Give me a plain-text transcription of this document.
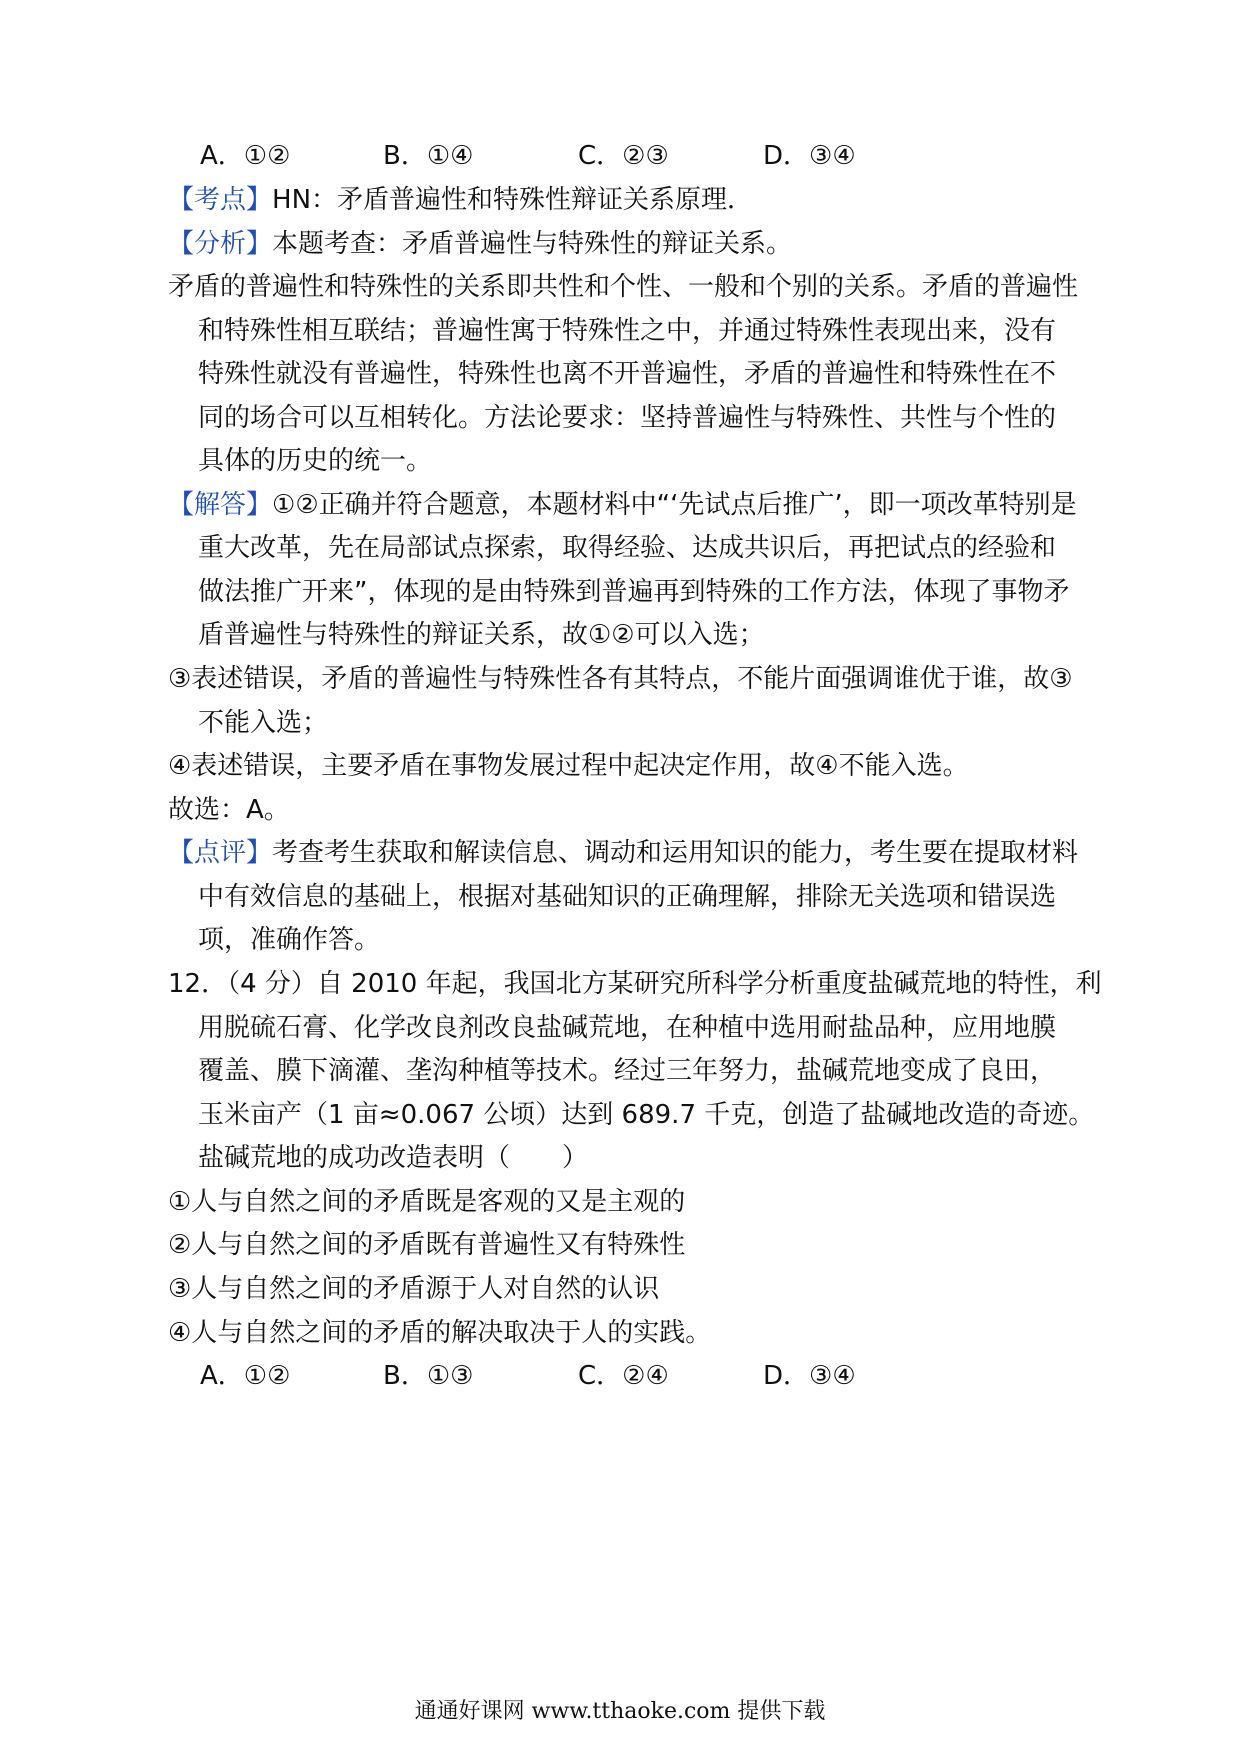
A．①②	B．①④	C．②③	D．③④
【考点】HN：矛盾普遍性和特殊性辩证关系原理．
【分析】本题考查：矛盾普遍性与特殊性的辩证关系。
矛盾的普遍性和特殊性的关系即共性和个性、一般和个别的关系。矛盾的普遍性
和特殊性相互联结；普遍性寓于特殊性之中，并通过特殊性表现出来，没有
特殊性就没有普遍性，特殊性也离不开普遍性，矛盾的普遍性和特殊性在不
同的场合可以互相转化。方法论要求：坚持普遍性与特殊性、共性与个性的
具体的历史的统一。
【解答】①②正确并符合题意，本题材料中“‘先试点后推广’，即一项改革特别是
重大改革，先在局部试点探索，取得经验、达成共识后，再把试点的经验和
做法推广开来”，体现的是由特殊到普遍再到特殊的工作方法，体现了事物矛
盾普遍性与特殊性的辩证关系，故①②可以入选；
③表述错误，矛盾的普遍性与特殊性各有其特点，不能片面强调谁优于谁，故③
不能入选；
④表述错误，主要矛盾在事物发展过程中起决定作用，故④不能入选。
故选：A。
【点评】考查考生获取和解读信息、调动和运用知识的能力，考生要在提取材料
中有效信息的基础上，根据对基础知识的正确理解，排除无关选项和错误选
项，准确作答。
12．（4 分）自 2010 年起，我国北方某研究所科学分析重度盐碱荒地的特性，利
用脱硫石膏、化学改良剂改良盐碱荒地，在种植中选用耐盐品种，应用地膜
覆盖、膜下滴灌、垄沟种植等技术。经过三年努力，盐碱荒地变成了良田，
玉米亩产（1 亩≈0.067 公顷）达到 689.7 千克，创造了盐碱地改造的奇迹。
盐碱荒地的成功改造表明（　　）
①人与自然之间的矛盾既是客观的又是主观的
②人与自然之间的矛盾既有普遍性又有特殊性
③人与自然之间的矛盾源于人对自然的认识
④人与自然之间的矛盾的解决取决于人的实践。
A．①②	B．①③	C．②④	D．③④
通通好课网 www.tthaoke.com 提供下载
